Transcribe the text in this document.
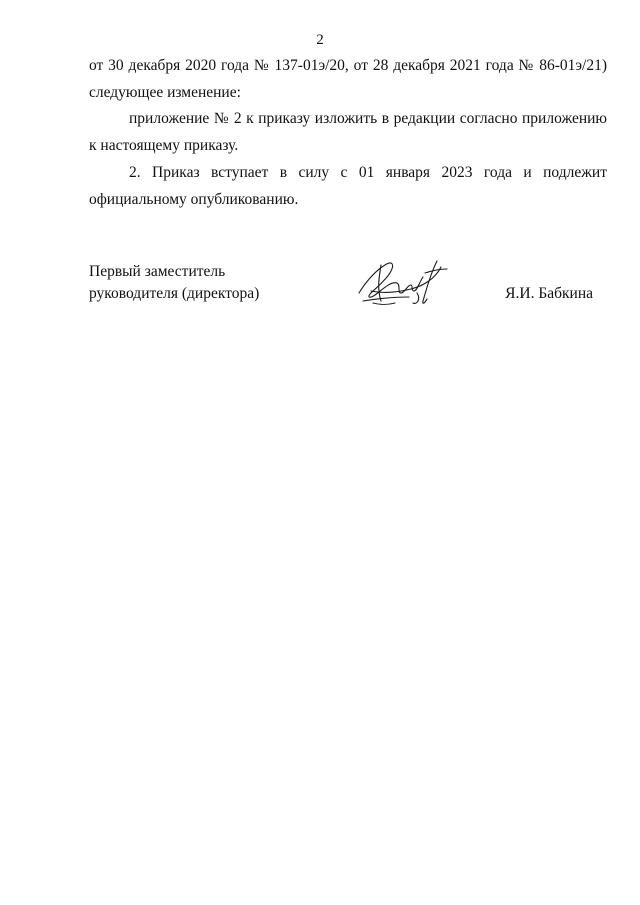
2
от 30 декабря 2020 года № 137-01э/20, от 28 декабря 2021 года № 86-01э/21)
следующее изменение:
приложение № 2 к приказу изложить в редакции согласно приложению
к настоящему приказу.
2. Приказ вступает в силу с 01 января 2023 года и подлежит
официальному опубликованию.
Первый заместитель
руководителя (директора)	Я.И. Бабкина
